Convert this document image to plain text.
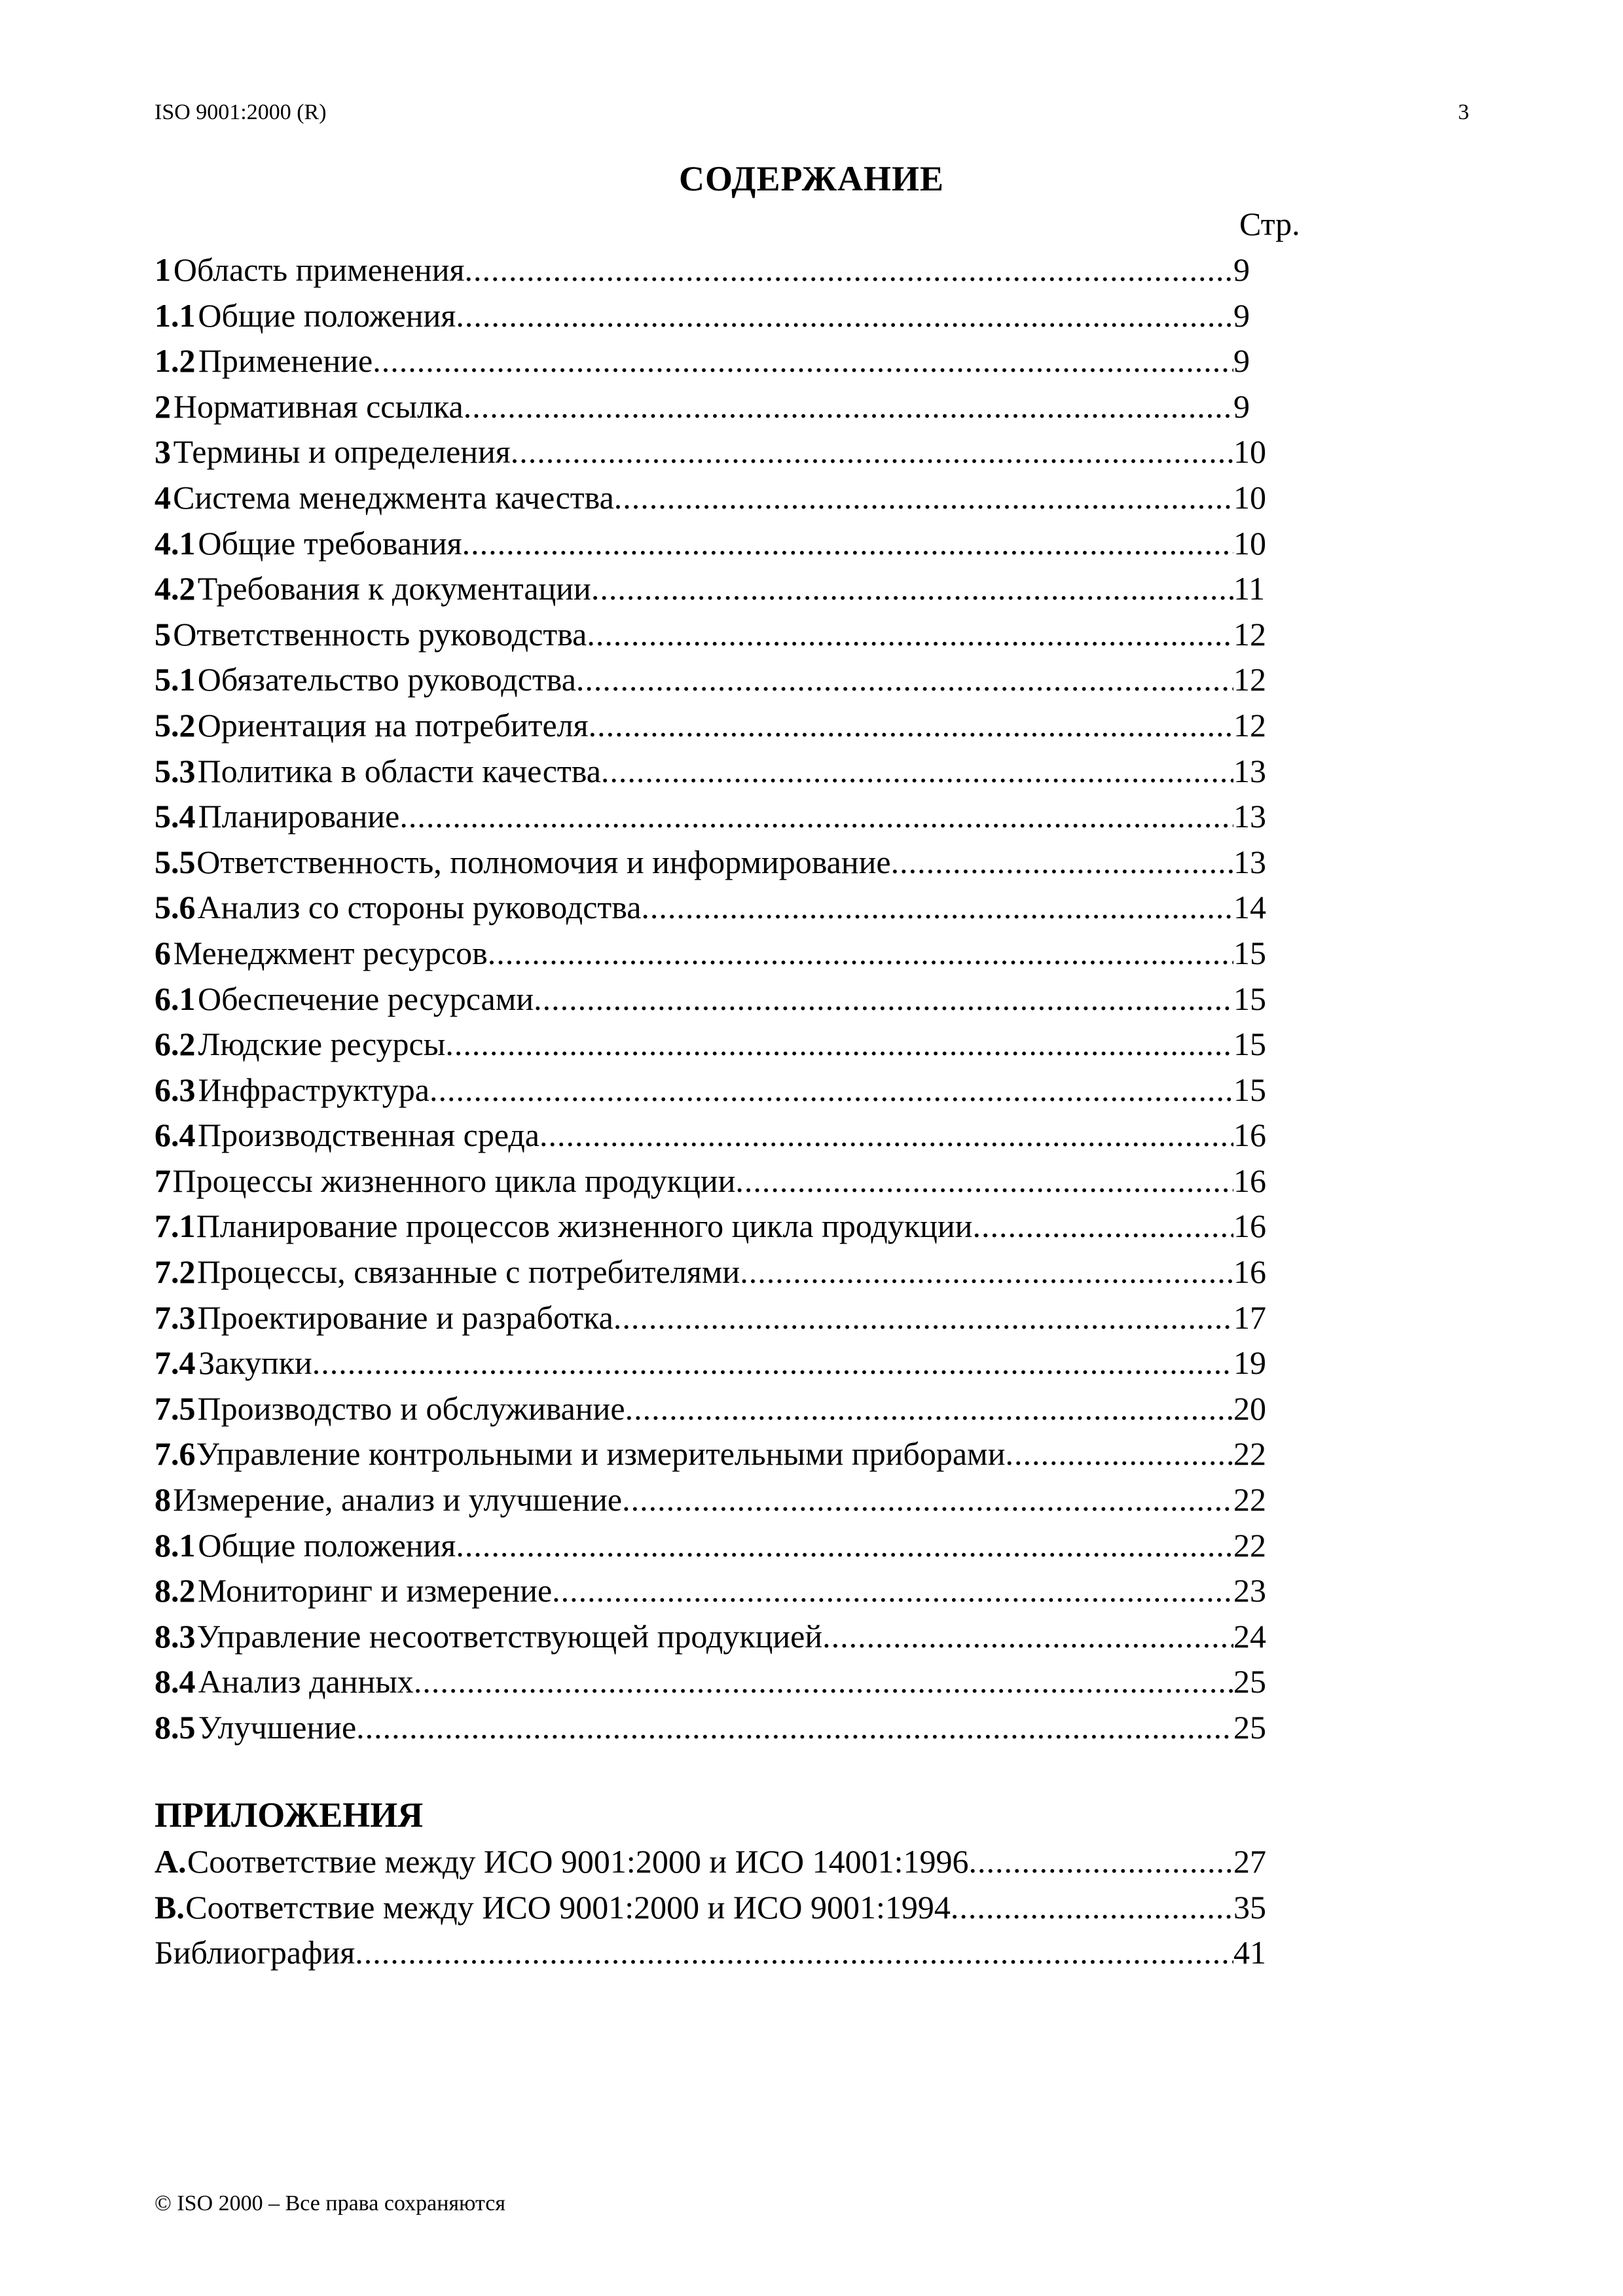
ISO 9001:2000 (R)	3
СОДЕРЖАНИЕ
Стр.
1 Область применения .....	9
1.1 Общие положения .....	9
1.2 Применение .....	9
2 Нормативная ссылка .....	9
3 Термины и определения .....	10
4 Система менеджмента качества .....	10
4.1 Общие требования .....	10
4.2 Требования к документации .....	11
5 Ответственность руководства .....	12
5.1 Обязательство руководства .....	12
5.2 Ориентация на потребителя .....	12
5.3 Политика в области качества .....	13
5.4 Планирование .....	13
5.5 Ответственность, полномочия и информирование .....	13
5.6 Анализ со стороны руководства .....	14
6 Менеджмент ресурсов .....	15
6.1 Обеспечение ресурсами .....	15
6.2 Людские ресурсы .....	15
6.3 Инфраструктура .....	15
6.4 Производственная среда .....	16
7 Процессы жизненного цикла продукции .....	16
7.1 Планирование процессов жизненного цикла продукции .....	16
7.2 Процессы, связанные с потребителями .....	16
7.3 Проектирование и разработка .....	17
7.4 Закупки .....	19
7.5 Производство и обслуживание .....	20
7.6 Управление контрольными и измерительными приборами .....	22
8 Измерение, анализ и улучшение .....	22
8.1 Общие положения .....	22
8.2 Мониторинг и измерение .....	23
8.3 Управление несоответствующей продукцией .....	24
8.4 Анализ данных .....	25
8.5 Улучшение .....	25
ПРИЛОЖЕНИЯ
A. Соответствие между ИСО 9001:2000 и ИСО 14001:1996 .....	27
B. Соответствие между ИСО 9001:2000 и ИСО 9001:1994 .....	35
Библиография .....	41
© ISO 2000 – Все права сохраняются
